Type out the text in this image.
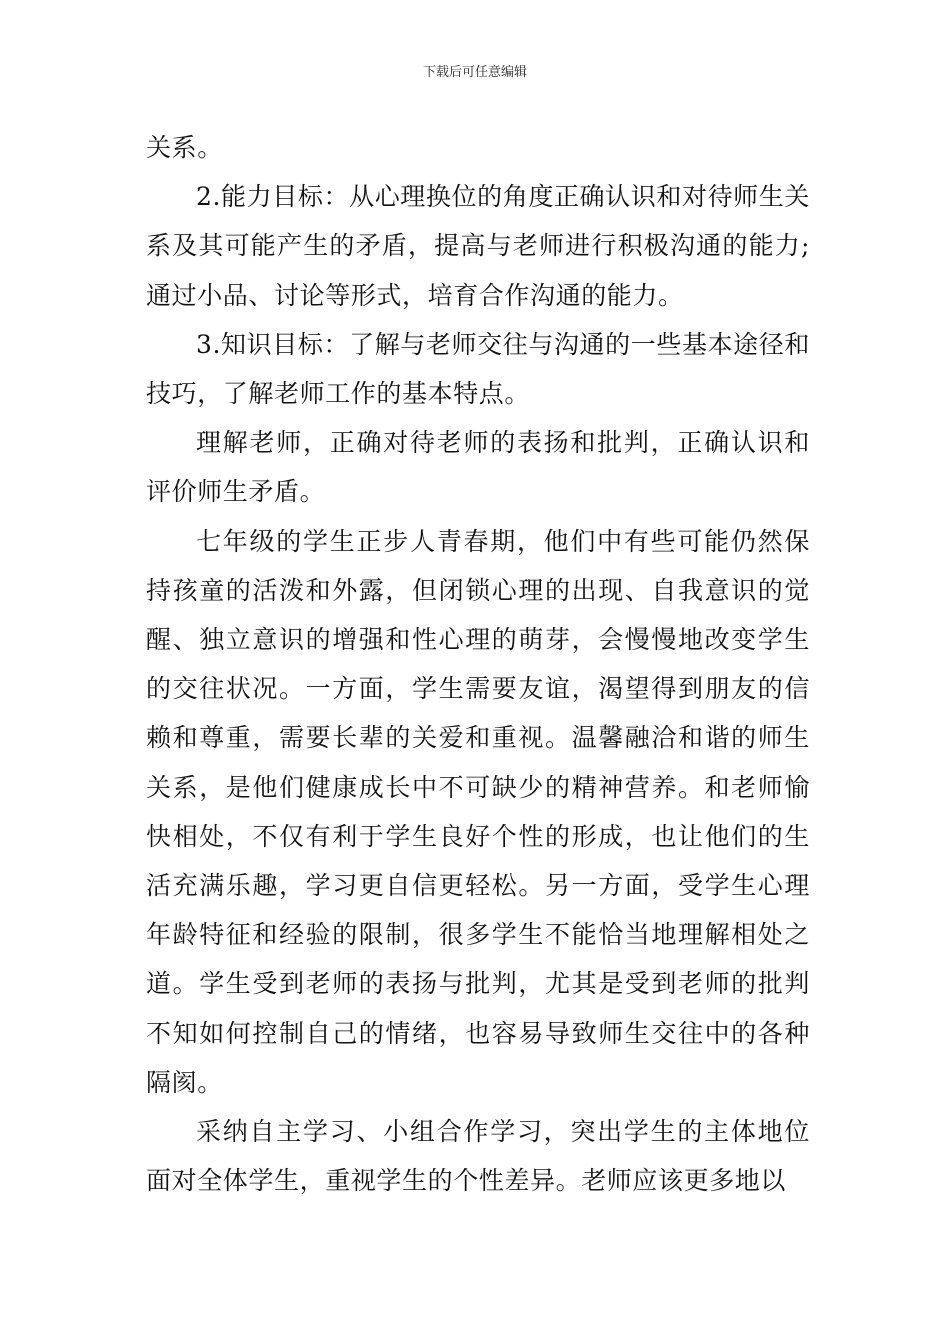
下载后可任意编辑

关系。

2.能力目标：从心理换位的角度正确认识和对待师生关系及其可能产生的矛盾，提高与老师进行积极沟通的能力;通过小品、讨论等形式，培育合作沟通的能力。

3.知识目标：了解与老师交往与沟通的一些基本途径和技巧，了解老师工作的基本特点。

理解老师，正确对待老师的表扬和批判，正确认识和评价师生矛盾。

七年级的学生正步人青春期，他们中有些可能仍然保持孩童的活泼和外露，但闭锁心理的出现、自我意识的觉醒、独立意识的增强和性心理的萌芽，会慢慢地改变学生的交往状况。一方面，学生需要友谊，渴望得到朋友的信赖和尊重，需要长辈的关爱和重视。温馨融洽和谐的师生关系，是他们健康成长中不可缺少的精神营养。和老师愉快相处，不仅有利于学生良好个性的形成，也让他们的生活充满乐趣，学习更自信更轻松。另一方面，受学生心理年龄特征和经验的限制，很多学生不能恰当地理解相处之道。学生受到老师的表扬与批判，尤其是受到老师的批判不知如何控制自己的情绪，也容易导致师生交往中的各种隔阂。

采纳自主学习、小组合作学习，突出学生的主体地位面对全体学生，重视学生的个性差异。老师应该更多地以
